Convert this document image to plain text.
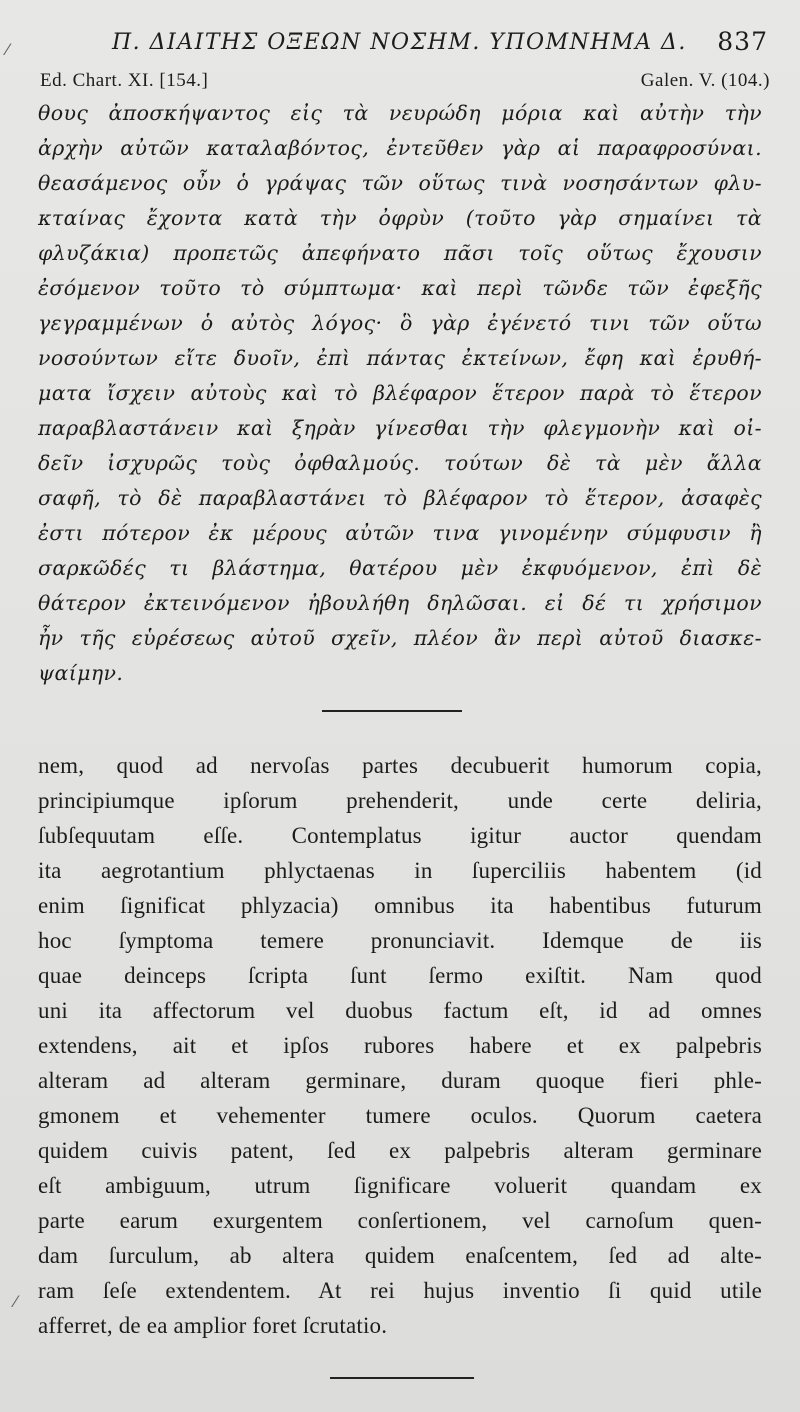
⁄
⁄
Π. ΔΙΑΙΤΗΣ ΟΞΕΩΝ ΝΟΣΗΜ. ΥΠΟΜΝΗΜΑ Δ. 837
Ed. Chart. XI. [154.]	Galen. V. (104.)
θους ἀποσκήψαντος εἰς τὰ νευρώδη μόρια καὶ αὐτὴν τὴν
ἀρχὴν αὐτῶν καταλαβόντος, ἐντεῦθεν γὰρ αἱ παραφροσύναι.
θεασάμενος οὖν ὁ γράψας τῶν οὕτως τινὰ νοσησάντων φλυ-
κταίνας ἔχοντα κατὰ τὴν ὀφρὺν (τοῦτο γὰρ σημαίνει τὰ
φλυζάκια) προπετῶς ἀπεφήνατο πᾶσι τοῖς οὕτως ἔχουσιν
ἐσόμενον τοῦτο τὸ σύμπτωμα· καὶ περὶ τῶνδε τῶν ἐφεξῆς
γεγραμμένων ὁ αὐτὸς λόγος· ὃ γὰρ ἐγένετό τινι τῶν οὕτω
νοσούντων εἴτε δυοῖν, ἐπὶ πάντας ἐκτείνων, ἔφη καὶ ἐρυθή-
ματα ἴσχειν αὐτοὺς καὶ τὸ βλέφαρον ἕτερον παρὰ τὸ ἕτερον
παραβλαστάνειν καὶ ξηρὰν γίνεσθαι τὴν φλεγμονὴν καὶ οἰ-
δεῖν ἰσχυρῶς τοὺς ὀφθαλμούς. τούτων δὲ τὰ μὲν ἄλλα
σαφῆ, τὸ δὲ παραβλαστάνει τὸ βλέφαρον τὸ ἕτερον, ἀσαφὲς
ἐστι πότερον ἐκ μέρους αὐτῶν τινα γινομένην σύμφυσιν ἢ
σαρκῶδές τι βλάστημα, θατέρου μὲν ἐκφυόμενον, ἐπὶ δὲ
θάτερον ἐκτεινόμενον ἠβουλήθη δηλῶσαι. εἰ δέ τι χρήσιμον
ἦν τῆς εὑρέσεως αὐτοῦ σχεῖν, πλέον ἂν περὶ αὐτοῦ διασκε-
ψαίμην.
nem, quod ad nervoſas partes decubuerit humorum copia,
principiumque ipſorum prehenderit, unde certe deliria,
ſubſequutam eſſe. Contemplatus igitur auctor quendam
ita aegrotantium phlyctaenas in ſuperciliis habentem (id
enim ſignificat phlyzacia) omnibus ita habentibus futurum
hoc ſymptoma temere pronunciavit. Idemque de iis
quae deinceps ſcripta ſunt ſermo exiſtit. Nam quod
uni ita affectorum vel duobus factum eſt, id ad omnes
extendens, ait et ipſos rubores habere et ex palpebris
alteram ad alteram germinare, duram quoque fieri phle-
gmonem et vehementer tumere oculos. Quorum caetera
quidem cuivis patent, ſed ex palpebris alteram germinare
eſt ambiguum, utrum ſignificare voluerit quandam ex
parte earum exurgentem conſertionem, vel carnoſum quen-
dam ſurculum, ab altera quidem enaſcentem, ſed ad alte-
ram ſeſe extendentem. At rei hujus inventio ſi quid utile
afferret, de ea amplior foret ſcrutatio.
